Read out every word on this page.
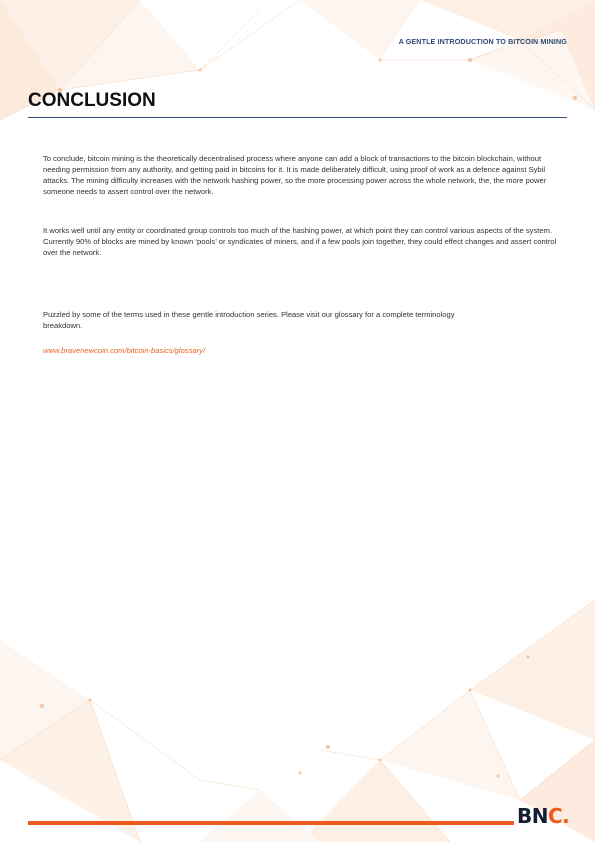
A GENTLE INTRODUCTION TO BITCOIN MINING
CONCLUSION

To conclude, bitcoin mining is the theoretically decentralised process where anyone can add a block of transactions to the bitcoin blockchain, without needing permission from any authority, and getting paid in bitcoins for it. It is made deliberately difficult, using proof of work as a defence against Sybil attacks. The mining difficulty increases with the network hashing power, so the more processing power across the whole network, the, the more power someone needs to assert control over the network.

It works well until any entity or coordinated group controls too much of the hashing power, at which point they can control various aspects of the system. Currently 90% of blocks are mined by known ‘pools’ or syndicates of miners, and if a few pools join together, they could effect changes and assert control over the network.

Puzzled by some of the terms used in these gentle introduction series. Please visit our glossary for a complete terminology breakdown.

www.bravenewcoin.com/bitcoin-basics/glossary/
BNC.
